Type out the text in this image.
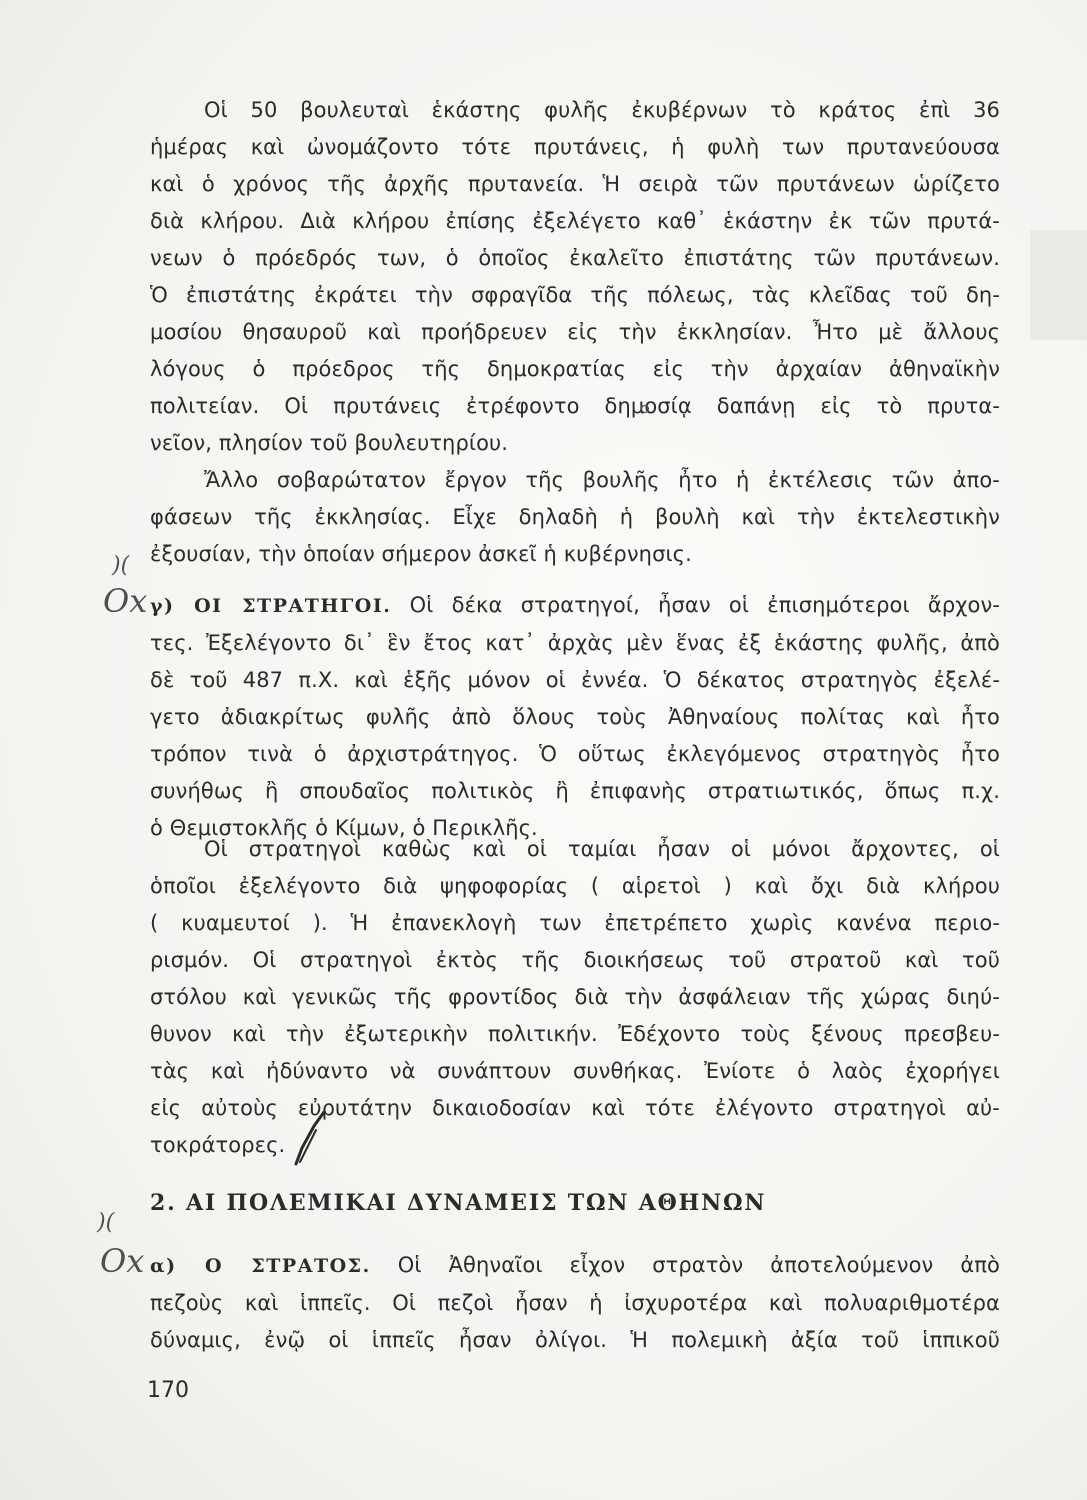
Οἱ 50 βουλευταὶ ἑκάστης φυλῆς ἐκυβέρνων τὸ κράτος ἐπὶ 36
ἡμέρας καὶ ὠνομάζοντο τότε πρυτάνεις, ἡ φυλὴ των πρυτανεύουσα
καὶ ὁ χρόνος τῆς ἀρχῆς πρυτανεία. Ἡ σειρὰ τῶν πρυτάνεων ὡρίζετο
διὰ κλήρου. Διὰ κλήρου ἐπίσης ἐξελέγετο καθ᾽ ἑκάστην ἐκ τῶν πρυτά-
νεων ὁ πρόεδρός των, ὁ ὁποῖος ἐκαλεῖτο ἐπιστάτης τῶν πρυτάνεων.
Ὁ ἐπιστάτης ἐκράτει τὴν σφραγῖδα τῆς πόλεως, τὰς κλεῖδας τοῦ δη-
μοσίου θησαυροῦ καὶ προήδρευεν εἰς τὴν ἐκκλησίαν. Ἦτο μὲ ἄλλους
λόγους ὁ πρόεδρος τῆς δημοκρατίας εἰς τὴν ἀρχαίαν ἀθηναϊκὴν
πολιτείαν. Οἱ πρυτάνεις ἐτρέφοντο δημοσίᾳ δαπάνῃ εἰς τὸ πρυτα-
νεῖον, πλησίον τοῦ βουλευτηρίου.
Ἄλλο σοβαρώτατον ἔργον τῆς βουλῆς ἦτο ἡ ἐκτέλεσις τῶν ἀπο-
φάσεων τῆς ἐκκλησίας. Εἶχε δηλαδὴ ἡ βουλὴ καὶ τὴν ἐκτελεστικὴν
ἐξουσίαν, τὴν ὁποίαν σήμερον ἀσκεῖ ἡ κυβέρνησις.
γ) ΟΙ ΣΤΡΑΤΗΓΟΙ. Οἱ δέκα στρατηγοί, ἦσαν οἱ ἐπισημότεροι ἄρχον-
τες. Ἐξελέγοντο δι᾽ ἓν ἔτος κατ᾽ ἀρχὰς μὲν ἕνας ἐξ ἑκάστης φυλῆς, ἀπὸ
δὲ τοῦ 487 π.Χ. καὶ ἑξῆς μόνον οἱ ἐννέα. Ὁ δέκατος στρατηγὸς ἐξελέ-
γετο ἀδιακρίτως φυλῆς ἀπὸ ὅλους τοὺς Ἀθηναίους πολίτας καὶ ἦτο
τρόπον τινὰ ὁ ἀρχιστράτηγος. Ὁ οὕτως ἐκλεγόμενος στρατηγὸς ἦτο
συνήθως ἢ σπουδαῖος πολιτικὸς ἢ ἐπιφανὴς στρατιωτικός, ὅπως π.χ.
ὁ Θεμιστοκλῆς ὁ Κίμων, ὁ Περικλῆς.
Οἱ στρατηγοὶ καθὼς καὶ οἱ ταμίαι ἦσαν οἱ μόνοι ἄρχοντες, οἱ
ὁποῖοι ἐξελέγοντο διὰ ψηφοφορίας ( αἱρετοὶ ) καὶ ὄχι διὰ κλήρου
( κυαμευτοί ). Ἡ ἐπανεκλογὴ των ἐπετρέπετο χωρὶς κανένα περιο-
ρισμόν. Οἱ στρατηγοὶ ἐκτὸς τῆς διοικήσεως τοῦ στρατοῦ καὶ τοῦ
στόλου καὶ γενικῶς τῆς φροντίδος διὰ τὴν ἀσφάλειαν τῆς χώρας διηύ-
θυνον καὶ τὴν ἐξωτερικὴν πολιτικήν. Ἐδέχοντο τοὺς ξένους πρεσβευ-
τὰς καὶ ἠδύναντο νὰ συνάπτουν συνθήκας. Ἐνίοτε ὁ λαὸς ἐχορήγει
εἰς αὐτοὺς εὐρυτάτην δικαιοδοσίαν καὶ τότε ἐλέγοντο στρατηγοὶ αὐ-
τοκράτορες.
2. ΑΙ ΠΟΛΕΜΙΚΑΙ ΔΥΝΑΜΕΙΣ ΤΩΝ ΑΘΗΝΩΝ
α) Ο ΣΤΡΑΤΟΣ. Οἱ Ἀθηναῖοι εἶχον στρατὸν ἀποτελούμενον ἀπὸ
πεζοὺς καὶ ἱππεῖς. Οἱ πεζοὶ ἦσαν ἡ ἰσχυροτέρα καὶ πολυαριθμοτέρα
δύναμις, ἐνῷ οἱ ἱππεῖς ἦσαν ὀλίγοι. Ἡ πολεμικὴ ἀξία τοῦ ἱππικοῦ
170
)(
Ox
)(
Ox
